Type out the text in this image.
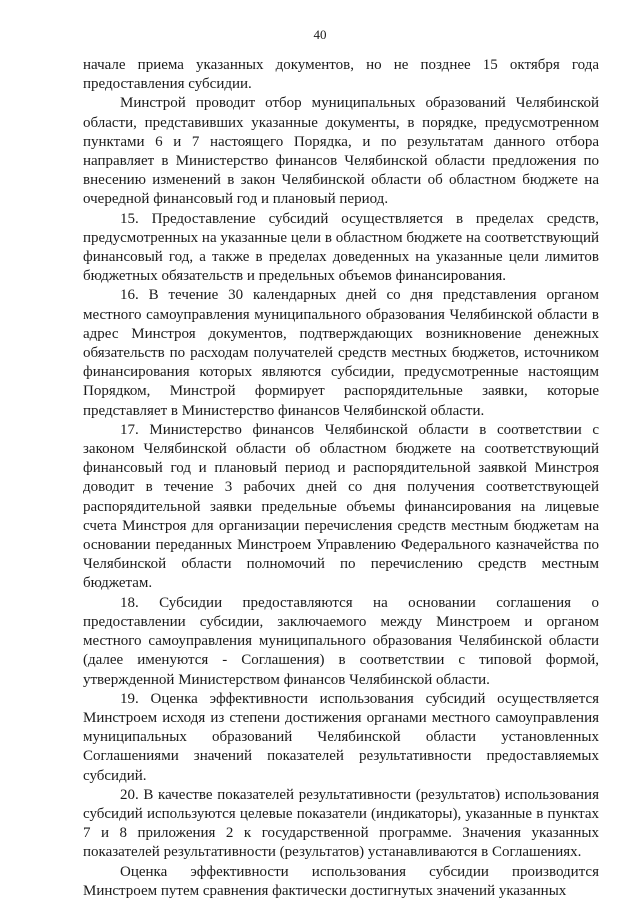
40

начале приема указанных документов, но не позднее 15 октября года предоставления субсидии.

Минстрой проводит отбор муниципальных образований Челябинской области, представивших указанные документы, в порядке, предусмотренном пунктами 6 и 7 настоящего Порядка, и по результатам данного отбора направляет в Министерство финансов Челябинской области предложения по внесению изменений в закон Челябинской области об областном бюджете на очередной финансовый год и плановый период.

15. Предоставление субсидий осуществляется в пределах средств, предусмотренных на указанные цели в областном бюджете на соответствующий финансовый год, а также в пределах доведенных на указанные цели лимитов бюджетных обязательств и предельных объемов финансирования.

16. В течение 30 календарных дней со дня представления органом местного самоуправления муниципального образования Челябинской области в адрес Минстроя документов, подтверждающих возникновение денежных обязательств по расходам получателей средств местных бюджетов, источником финансирования которых являются субсидии, предусмотренные настоящим Порядком, Минстрой формирует распорядительные заявки, которые представляет в Министерство финансов Челябинской области.

17. Министерство финансов Челябинской области в соответствии с законом Челябинской области об областном бюджете на соответствующий финансовый год и плановый период и распорядительной заявкой Минстроя доводит в течение 3 рабочих дней со дня получения соответствующей распорядительной заявки предельные объемы финансирования на лицевые счета Минстроя для организации перечисления средств местным бюджетам на основании переданных Минстроем Управлению Федерального казначейства по Челябинской области полномочий по перечислению средств местным бюджетам.

18. Субсидии предоставляются на основании соглашения о предоставлении субсидии, заключаемого между Минстроем и органом местного самоуправления муниципального образования Челябинской области (далее именуются - Соглашения) в соответствии с типовой формой, утвержденной Министерством финансов Челябинской области.

19. Оценка эффективности использования субсидий осуществляется Минстроем исходя из степени достижения органами местного самоуправления муниципальных образований Челябинской области установленных Соглашениями значений показателей результативности предоставляемых субсидий.

20. В качестве показателей результативности (результатов) использования субсидий используются целевые показатели (индикаторы), указанные в пунктах 7 и 8 приложения 2 к государственной программе. Значения указанных показателей результативности (результатов) устанавливаются в Соглашениях.

Оценка эффективности использования субсидии производится Минстроем путем сравнения фактически достигнутых значений указанных
